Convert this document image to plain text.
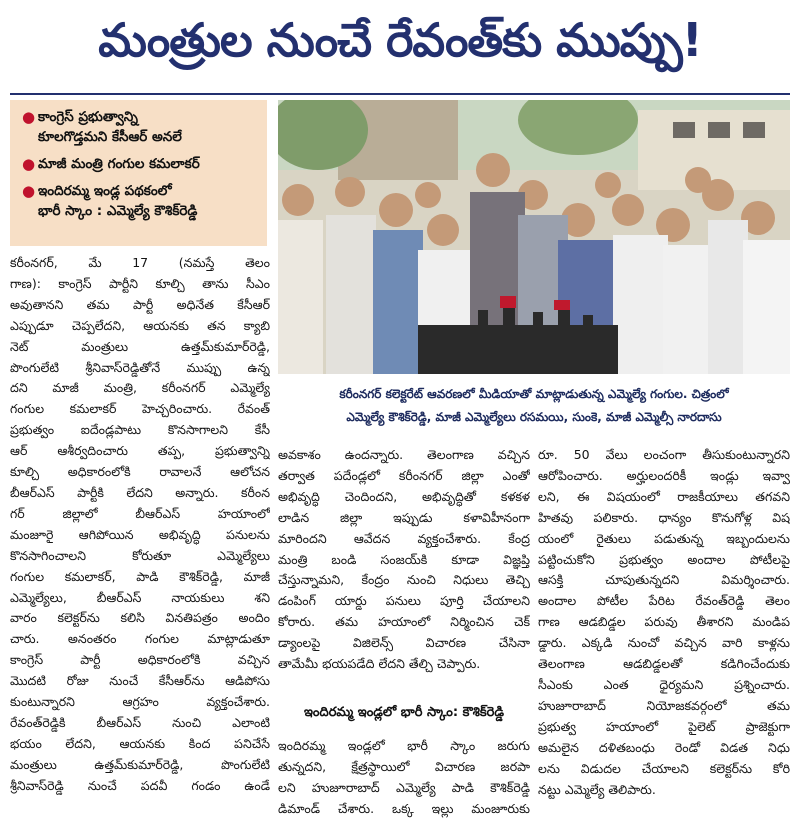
మంత్రుల నుంచే రేవంత్‌కు ముప్పు!
● కాంగ్రెస్ ప్రభుత్వాన్ని
కూలగొడ్తమని కేసీఆర్ అనలే
● మాజీ మంత్రి గంగుల కమలాకర్
● ఇందిరమ్మ ఇండ్ల పథకంలో
భారీ స్కాం : ఎమ్మెల్యే కౌశిక్‌రెడ్డి
కరీంనగర్ కలెక్టరేట్ ఆవరణలో మీడియాతో మాట్లాడుతున్న ఎమ్మెల్యే గంగుల. చిత్రంలో
ఎమ్మెల్యే కౌశిక్‌రెడ్డి, మాజీ ఎమ్మెల్యేలు రసమయి, సుంకె, మాజీ ఎమ్మెల్సీ నారదాసు
కరీంనగర్, మే 17 (నమస్తే తెలం
గాణ): కాంగ్రెస్ పార్టీని కూల్చి తాను సీఎం
అవుతానని తమ పార్టీ అధినేత కేసీఆర్
ఎప్పుడూ చెప్పలేదని, ఆయనకు తన క్యాబి
నెట్ మంత్రులు ఉత్తమ్‌కుమార్‌రెడ్డి,
పొంగులేటి శ్రీనివాస్‌రెడ్డితోనే ముప్పు ఉన్న
దని మాజీ మంత్రి, కరీంనగర్ ఎమ్మెల్యే
గంగుల కమలాకర్ హెచ్చరించారు. రేవంత్
ప్రభుత్వం ఐదేండ్లపాటు కొనసాగాలని కేసీ
ఆర్ ఆశీర్వదించారు తప్ప, ప్రభుత్వాన్ని
కూల్చి అధికారంలోకి రావాలనే ఆలోచన
బీఆర్ఎస్ పార్టీకి లేదని అన్నారు. కరీంన
గర్ జిల్లాలో బీఆర్ఎస్ హయాంలో
మంజూరై ఆగిపోయిన అభివృద్ధి పనులను
కొనసాగించాలని కోరుతూ ఎమ్మెల్యేలు
గంగుల కమలాకర్, పాడి కౌశిక్‌రెడ్డి, మాజీ
ఎమ్మెల్యేలు, బీఆర్ఎస్ నాయకులు శని
వారం కలెక్టర్‌ను కలిసి వినతిపత్రం అందిం
చారు. అనంతరం గంగుల మాట్లాడుతూ
కాంగ్రెస్ పార్టీ అధికారంలోకి వచ్చిన
మొదటి రోజు నుంచే కేసీఆర్‌ను ఆడిపోసు
కుంటున్నారని ఆగ్రహం వ్యక్తంచేశారు.
రేవంత్‌రెడ్డికి బీఆర్ఎస్ నుంచి ఎలాంటి
భయం లేదని, ఆయనకు కింద పనిచేసే
మంత్రులు ఉత్తమ్‌కుమార్‌రెడ్డి, పొంగులేటి
శ్రీనివాస్‌రెడ్డి నుంచే పదవీ గండం ఉండే
అవకాశం ఉందన్నారు. తెలంగాణ వచ్చిన
తర్వాత పదేండ్లలో కరీంనగర్ జిల్లా ఎంతో
అభివృద్ధి చెందిందని, అభివృద్ధితో కళకళ
లాడిన జిల్లా ఇప్పుడు కళావిహీనంగా
మారిందని ఆవేదన వ్యక్తంచేశారు. కేంద్ర
మంత్రి బండి సంజయ్‌కి కూడా విజ్ఞప్తి
చేస్తున్నామని, కేంద్రం నుంచి నిధులు తెచ్చి
డంపింగ్ యార్డు పనులు పూర్తి చేయాలని
కోరారు. తమ హయాంలో నిర్మించిన చెక్
డ్యాంలపై విజిలెన్స్ విచారణ చేసినా
తామేమీ భయపడేది లేదని తేల్చి చెప్పారు.
ఇందిరమ్మ ఇండ్లలో భారీ స్కాం: కౌశిక్‌రెడ్డి
ఇందిరమ్మ ఇండ్లలో భారీ స్కాం జరుగు
తున్నదని, క్షేత్రస్థాయిలో విచారణ జరపా
లని హుజూరాబాద్ ఎమ్మెల్యే పాడి కౌశిక్‌రెడ్డి
డిమాండ్ చేశారు. ఒక్క ఇల్లు మంజూరుకు
రూ. 50 వేలు లంచంగా తీసుకుంటున్నారని
ఆరోపించారు. అర్హులందరికీ ఇండ్లు ఇవ్వా
లని, ఈ విషయంలో రాజకీయాలు తగవని
హితవు పలికారు. ధాన్యం కొనుగోళ్ల విష
యంలో రైతులు పడుతున్న ఇబ్బందులను
పట్టించుకోని ప్రభుత్వం అందాల పోటీలపై
ఆసక్తి చూపుతున్నదని విమర్శించారు.
అందాల పోటీల పేరిట రేవంత్‌రెడ్డి తెలం
గాణ ఆడబిడ్డల పరువు తీశారని మండిప
డ్డారు. ఎక్కడి నుంచో వచ్చిన వారి కాళ్లను
తెలంగాణ ఆడబిడ్డలతో కడిగించేందుకు
సీఎంకు ఎంత ధైర్యమని ప్రశ్నించారు.
హుజూరాబాద్ నియోజకవర్గంలో తమ
ప్రభుత్వ హయాంలో పైలెట్ ప్రాజెక్టుగా
అమలైన దళితబంధు రెండో విడత నిధు
లను విడుదల చేయాలని కలెక్టర్‌ను కోరి
నట్టు ఎమ్మెల్యే తెలిపారు.
